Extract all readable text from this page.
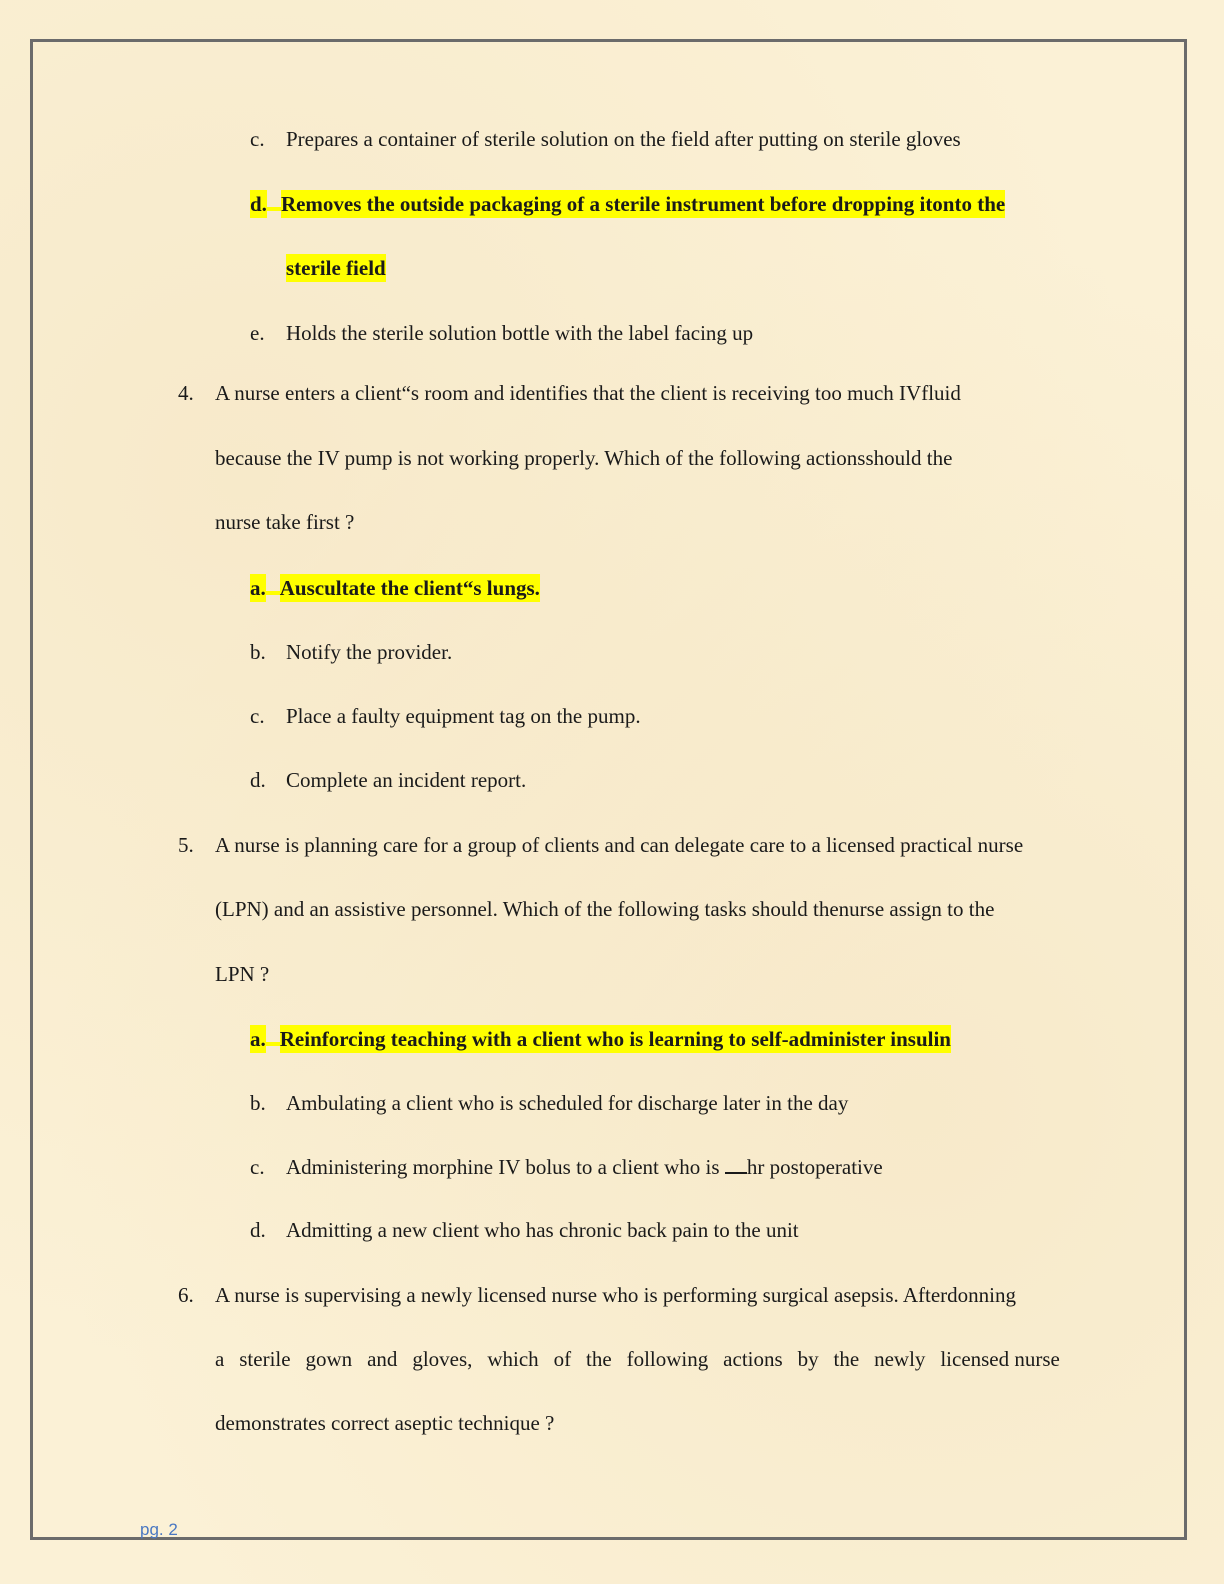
c. Prepares a container of sterile solution on the field after putting on sterile gloves
d. Removes the outside packaging of a sterile instrument before dropping itonto the
sterile field
e. Holds the sterile solution bottle with the label facing up
4. A nurse enters a client“s room and identifies that the client is receiving too much IVfluid
because the IV pump is not working properly. Which of the following actionsshould the
nurse take first ?
a. Auscultate the client“s lungs.
b. Notify the provider.
c. Place a faulty equipment tag on the pump.
d. Complete an incident report.
5. A nurse is planning care for a group of clients and can delegate care to a licensed practical nurse
(LPN) and an assistive personnel. Which of the following tasks should thenurse assign to the
LPN ?
a. Reinforcing teaching with a client who is learning to self-administer insulin
b. Ambulating a client who is scheduled for discharge later in the day
c. Administering morphine IV bolus to a client who is hr postoperative
d. Admitting a new client who has chronic back pain to the unit
6. A nurse is supervising a newly licensed nurse who is performing surgical asepsis. Afterdonning
a sterile gown and gloves, which of the following actions by the newly licensed nurse
demonstrates correct aseptic technique ?
pg. 2
